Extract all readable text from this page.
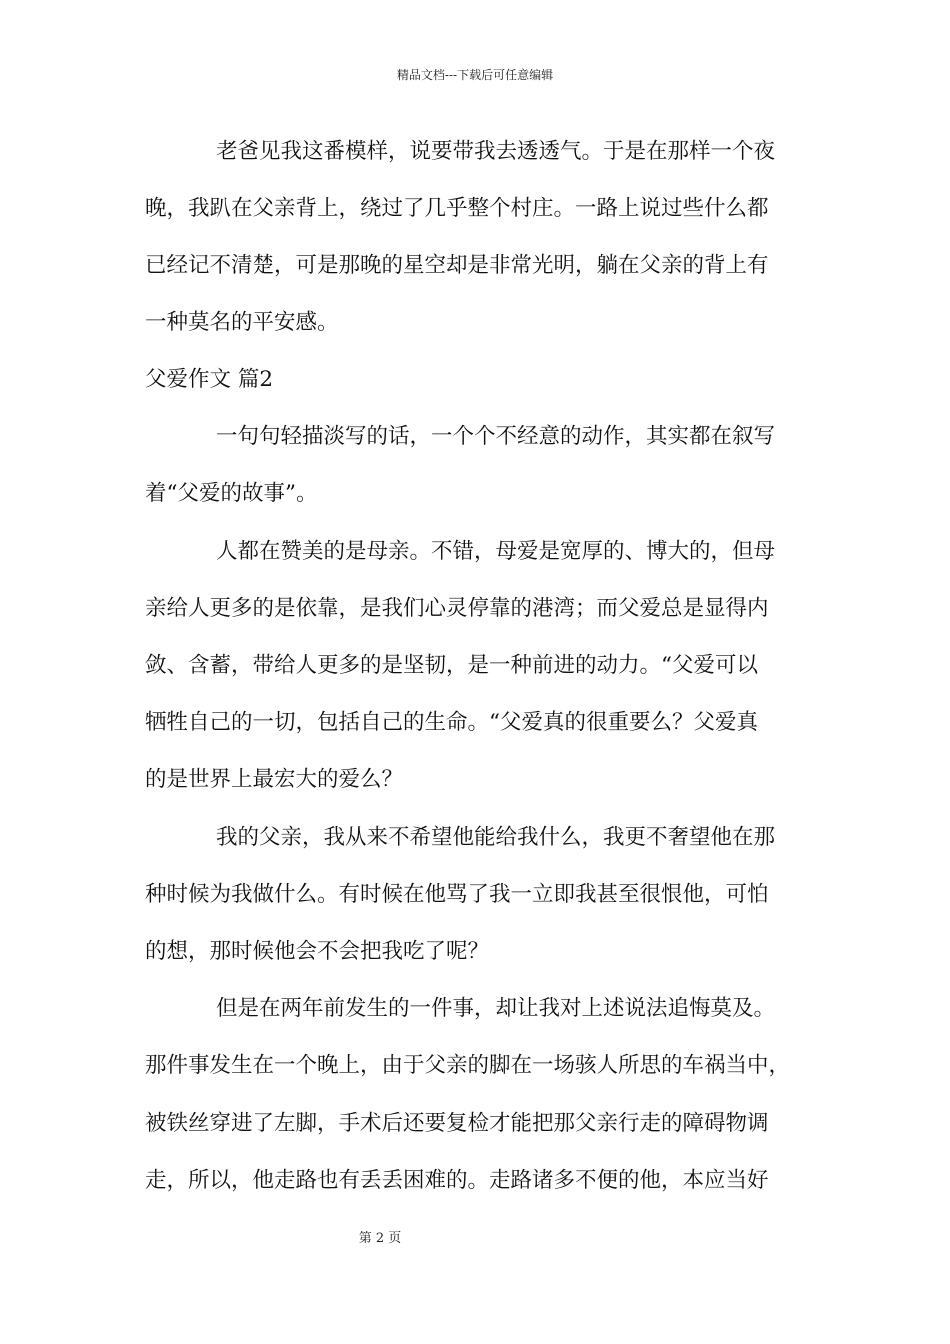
精品文档---下载后可任意编辑
老爸见我这番模样，说要带我去透透气。于是在那样一个夜
晚，我趴在父亲背上，绕过了几乎整个村庄。一路上说过些什么都
已经记不清楚，可是那晚的星空却是非常光明，躺在父亲的背上有
一种莫名的平安感。
父爱作文 篇2
一句句轻描淡写的话，一个个不经意的动作，其实都在叙写
着“父爱的故事”。
人都在赞美的是母亲。不错，母爱是宽厚的、博大的，但母
亲给人更多的是依靠，是我们心灵停靠的港湾；而父爱总是显得内
敛、含蓄，带给人更多的是坚韧，是一种前进的动力。“父爱可以
牺牲自己的一切，包括自己的生命。“父爱真的很重要么？父爱真
的是世界上最宏大的爱么？
我的父亲，我从来不希望他能给我什么，我更不奢望他在那
种时候为我做什么。有时候在他骂了我一立即我甚至很恨他，可怕
的想，那时候他会不会把我吃了呢？
但是在两年前发生的一件事，却让我对上述说法追悔莫及。
那件事发生在一个晚上，由于父亲的脚在一场骇人所思的车祸当中，
被铁丝穿进了左脚，手术后还要复检才能把那父亲行走的障碍物调
走，所以，他走路也有丢丢困难的。走路诸多不便的他，本应当好
第 2 页
